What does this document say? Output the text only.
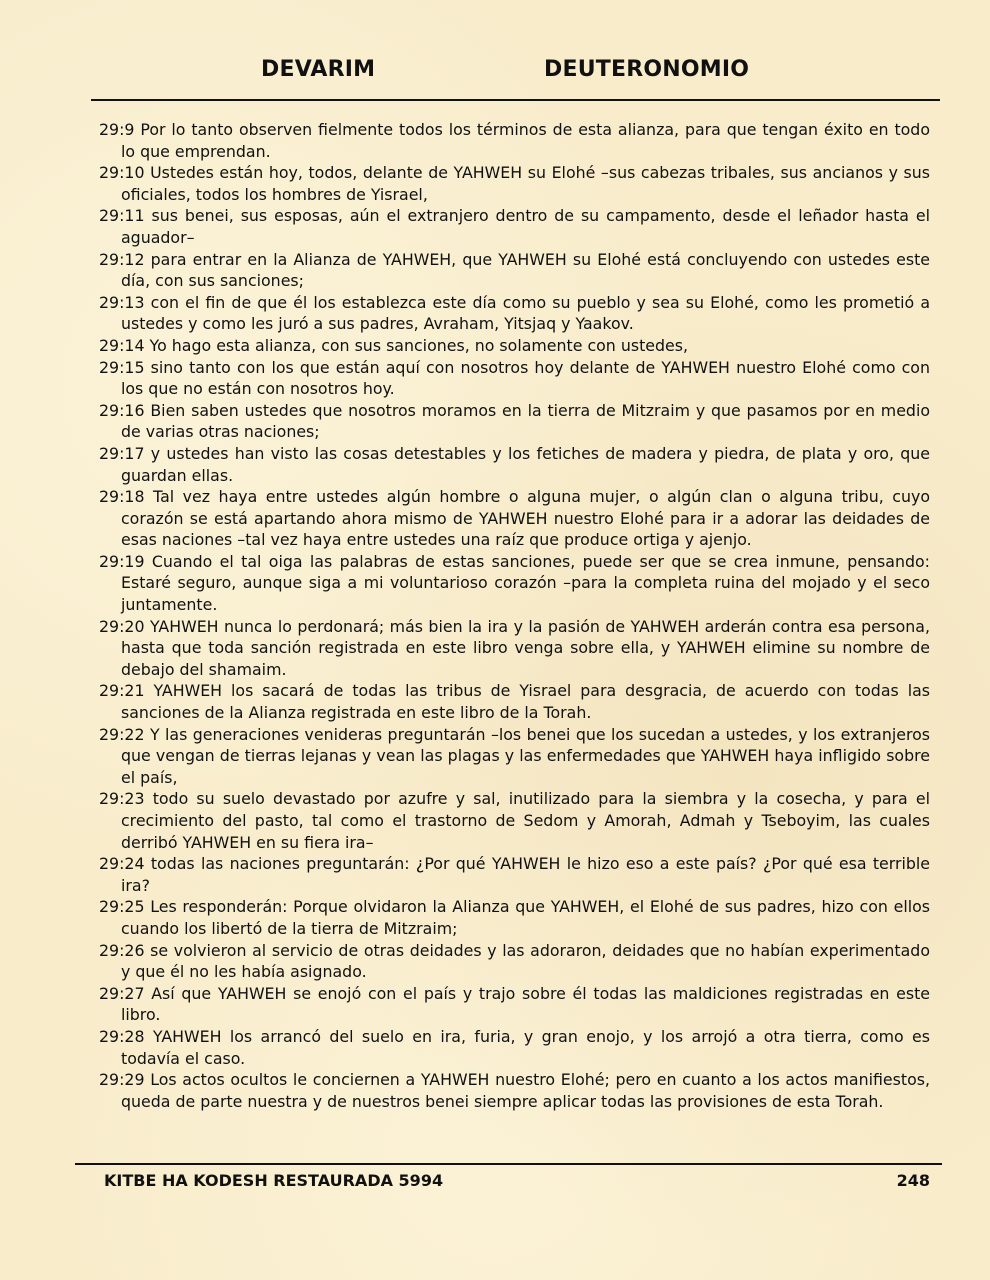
DEVARIM	DEUTERONOMIO

29:9 Por lo tanto observen fielmente todos los términos de esta alianza, para que tengan éxito en todo lo que emprendan.

29:10 Ustedes están hoy, todos, delante de YAHWEH su Elohé –sus cabezas tribales, sus ancianos y sus oficiales, todos los hombres de Yisrael,

29:11 sus benei, sus esposas, aún el extranjero dentro de su campamento, desde el leñador hasta el aguador–

29:12 para entrar en la Alianza de YAHWEH, que YAHWEH su Elohé está concluyendo con ustedes este día, con sus sanciones;

29:13 con el fin de que él los establezca este día como su pueblo y sea su Elohé, como les prometió a ustedes y como les juró a sus padres, Avraham, Yitsjaq y Yaakov.

29:14 Yo hago esta alianza, con sus sanciones, no solamente con ustedes,

29:15 sino tanto con los que están aquí con nosotros hoy delante de YAHWEH nuestro Elohé como con los que no están con nosotros hoy.

29:16 Bien saben ustedes que nosotros moramos en la tierra de Mitzraim y que pasamos por en medio de varias otras naciones;

29:17 y ustedes han visto las cosas detestables y los fetiches de madera y piedra, de plata y oro, que guardan ellas.

29:18 Tal vez haya entre ustedes algún hombre o alguna mujer, o algún clan o alguna tribu, cuyo corazón se está apartando ahora mismo de YAHWEH nuestro Elohé para ir a adorar las deidades de esas naciones –tal vez haya entre ustedes una raíz que produce ortiga y ajenjo.

29:19 Cuando el tal oiga las palabras de estas sanciones, puede ser que se crea inmune, pensando: Estaré seguro, aunque siga a mi voluntarioso corazón –para la completa ruina del mojado y el seco juntamente.

29:20 YAHWEH nunca lo perdonará; más bien la ira y la pasión de YAHWEH arderán contra esa persona, hasta que toda sanción registrada en este libro venga sobre ella, y YAHWEH elimine su nombre de debajo del shamaim.

29:21 YAHWEH los sacará de todas las tribus de Yisrael para desgracia, de acuerdo con todas las sanciones de la Alianza registrada en este libro de la Torah.

29:22 Y las generaciones venideras preguntarán –los benei que los sucedan a ustedes, y los extranjeros que vengan de tierras lejanas y vean las plagas y las enfermedades que YAHWEH haya infligido sobre el país,

29:23 todo su suelo devastado por azufre y sal, inutilizado para la siembra y la cosecha, y para el crecimiento del pasto, tal como el trastorno de Sedom y Amorah, Admah y Tseboyim, las cuales derribó YAHWEH en su fiera ira–

29:24 todas las naciones preguntarán: ¿Por qué YAHWEH le hizo eso a este país? ¿Por qué esa terrible ira?

29:25 Les responderán: Porque olvidaron la Alianza que YAHWEH, el Elohé de sus padres, hizo con ellos cuando los libertó de la tierra de Mitzraim;

29:26 se volvieron al servicio de otras deidades y las adoraron, deidades que no habían experimentado y que él no les había asignado.

29:27 Así que YAHWEH se enojó con el país y trajo sobre él todas las maldiciones registradas en este libro.

29:28 YAHWEH los arrancó del suelo en ira, furia, y gran enojo, y los arrojó a otra tierra, como es todavía el caso.

29:29 Los actos ocultos le conciernen a YAHWEH nuestro Elohé; pero en cuanto a los actos manifiestos, queda de parte nuestra y de nuestros benei siempre aplicar todas las provisiones de esta Torah.

KITBE HA KODESH RESTAURADA 5994	248
